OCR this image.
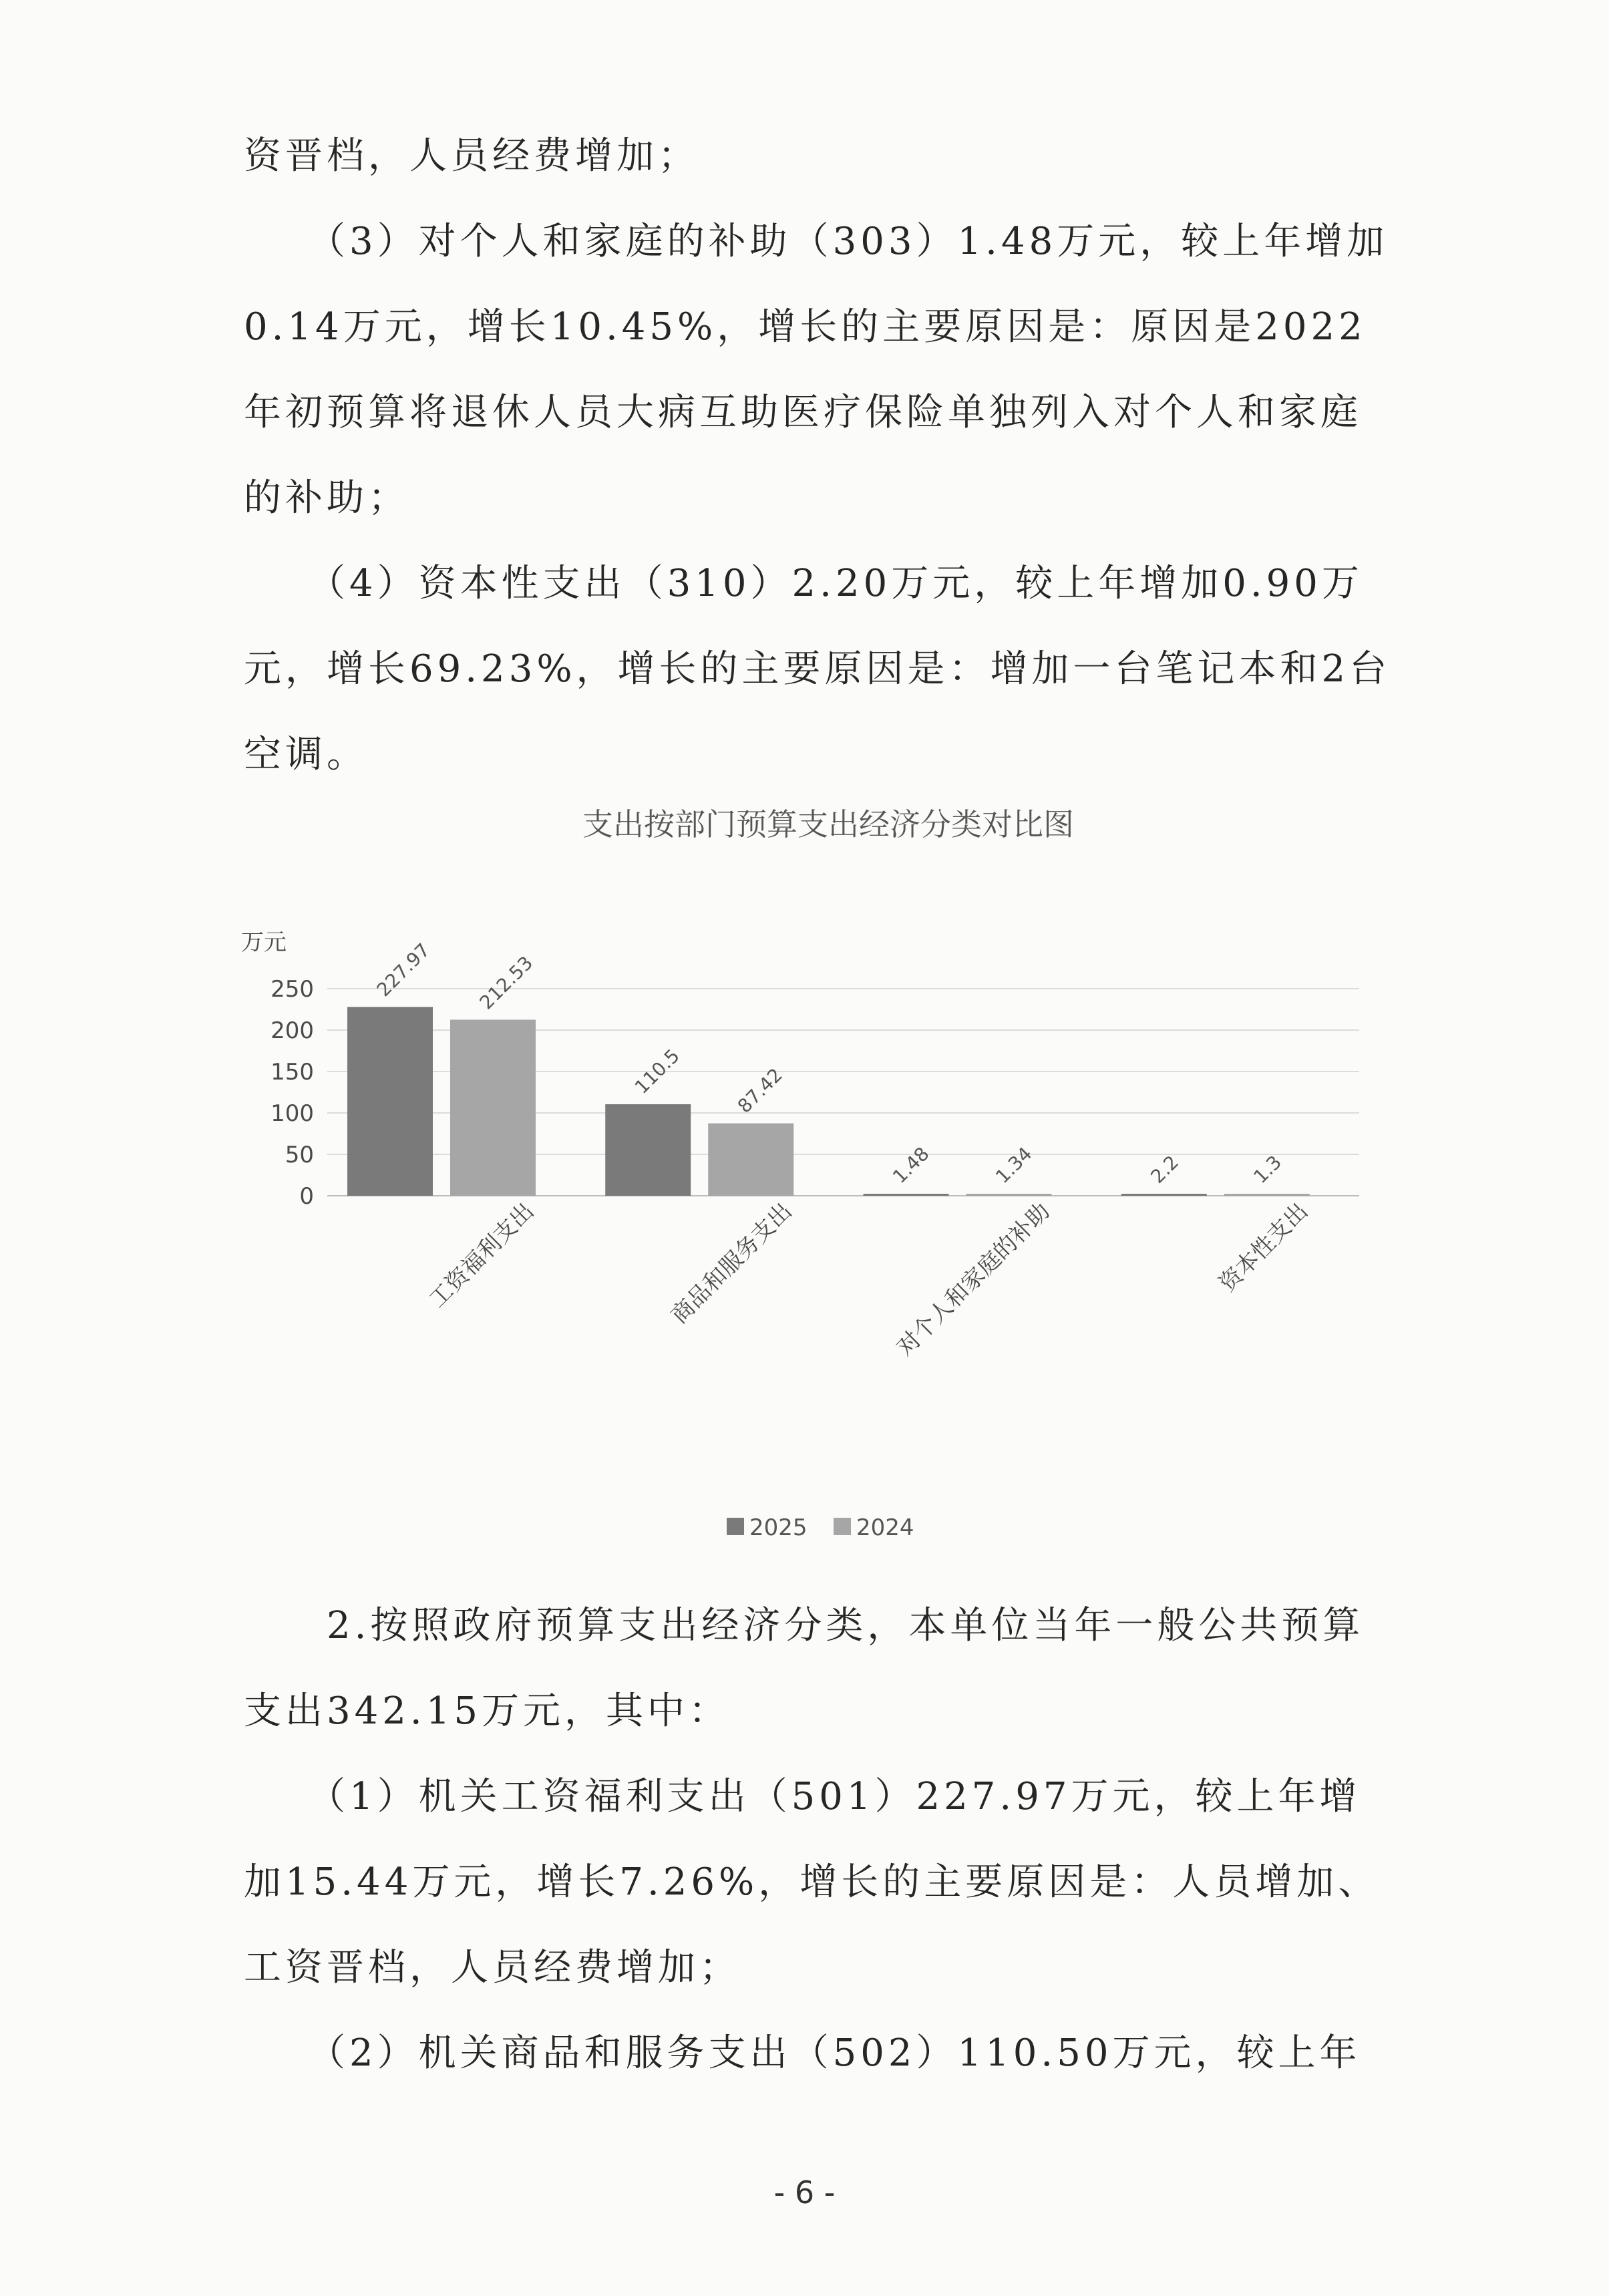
资晋档，人员经费增加；

　　（3）对个人和家庭的补助（303）1.48万元，较上年增加0.14万元，增长10.45%，增长的主要原因是：原因是2022年初预算将退休人员大病互助医疗保险单独列入对个人和家庭的补助；

　　（4）资本性支出（310）2.20万元，较上年增加0.90万元，增长69.23%，增长的主要原因是：增加一台笔记本和2台空调。

支出按部门预算支出经济分类对比图
万元
0
50
100
150
200
250	227.97 212.53
110.5	87.42
1.48	1.34	2.2	1.3
工资福利支出	商品和服务支出	对个人和家庭的补助	资本性支出
2025 2024

　　2.按照政府预算支出经济分类，本单位当年一般公共预算支出342.15万元，其中：

　　（1）机关工资福利支出（501）227.97万元，较上年增加15.44万元，增长7.26%，增长的主要原因是：人员增加、工资晋档，人员经费增加；

　　（2）机关商品和服务支出（502）110.50万元，较上年

- 6 -
